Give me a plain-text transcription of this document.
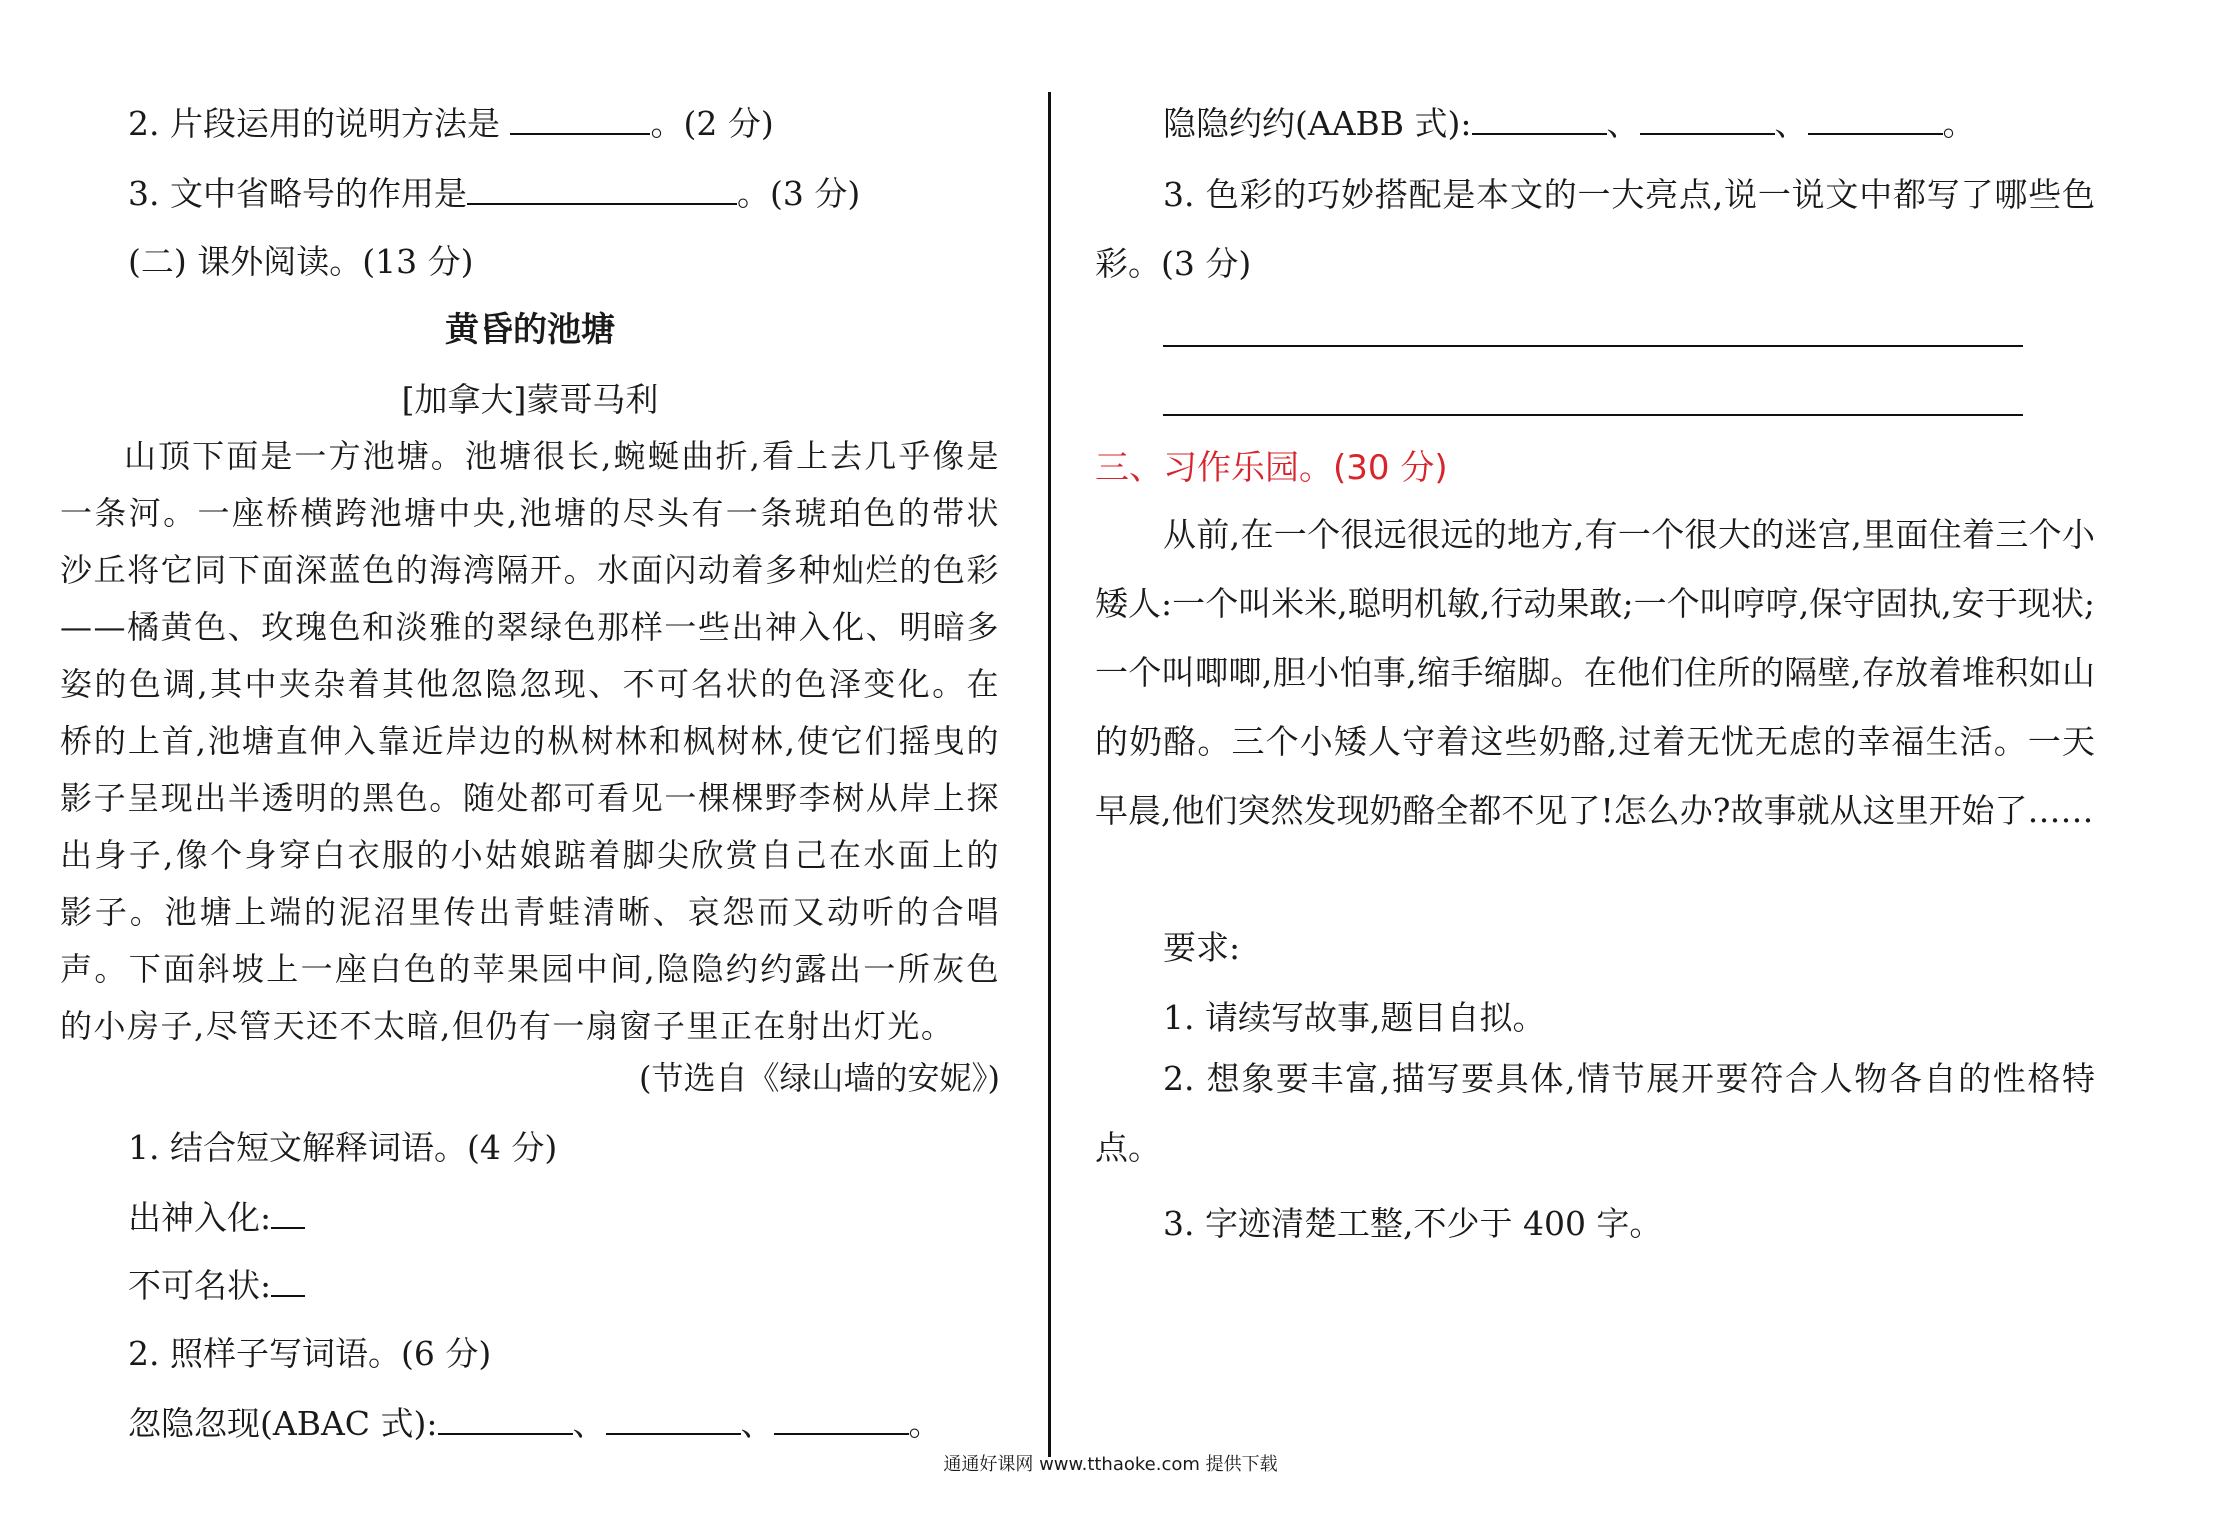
2. 片段运用的说明方法是	。(2 分)
3. 文中省略号的作用是	。(3 分)
(二) 课外阅读。(13 分)
黄昏的池塘
[加拿大]蒙哥马利

山顶下面是一方池塘。池塘很长,蜿蜒曲折,看上去几乎像是一条河。一座桥横跨池塘中央,池塘的尽头有一条琥珀色的带状沙丘将它同下面深蓝色的海湾隔开。水面闪动着多种灿烂的色彩——橘黄色、玫瑰色和淡雅的翠绿色那样一些出神入化、明暗多姿的色调,其中夹杂着其他忽隐忽现、不可名状的色泽变化。在桥的上首,池塘直伸入靠近岸边的枞树林和枫树林,使它们摇曳的影子呈现出半透明的黑色。随处都可看见一棵棵野李树从岸上探出身子,像个身穿白衣服的小姑娘踮着脚尖欣赏自己在水面上的影子。池塘上端的泥沼里传出青蛙清晰、哀怨而又动听的合唱声。下面斜坡上一座白色的苹果园中间,隐隐约约露出一所灰色的小房子,尽管天还不太暗,但仍有一扇窗子里正在射出灯光。

(节选自《绿山墙的安妮》)
1. 结合短文解释词语。(4 分)
出神入化:
不可名状:
2. 照样子写词语。(6 分)
忽隐忽现(ABAC 式):	、	、	。
隐隐约约(AABB 式):	、	、	。

3. 色彩的巧妙搭配是本文的一大亮点,说一说文中都写了哪些色彩。(3 分)

三、习作乐园。(30 分)

从前,在一个很远很远的地方,有一个很大的迷宫,里面住着三个小矮人:一个叫米米,聪明机敏,行动果敢;一个叫哼哼,保守固执,安于现状;一个叫唧唧,胆小怕事,缩手缩脚。在他们住所的隔壁,存放着堆积如山的奶酪。三个小矮人守着这些奶酪,过着无忧无虑的幸福生活。一天早晨,他们突然发现奶酪全都不见了!怎么办?故事就从这里开始了……

要求:
1. 请续写故事,题目自拟。

2. 想象要丰富,描写要具体,情节展开要符合人物各自的性格特点。

3. 字迹清楚工整,不少于 400 字。
通通好课网 www.tthaoke.com 提供下载
